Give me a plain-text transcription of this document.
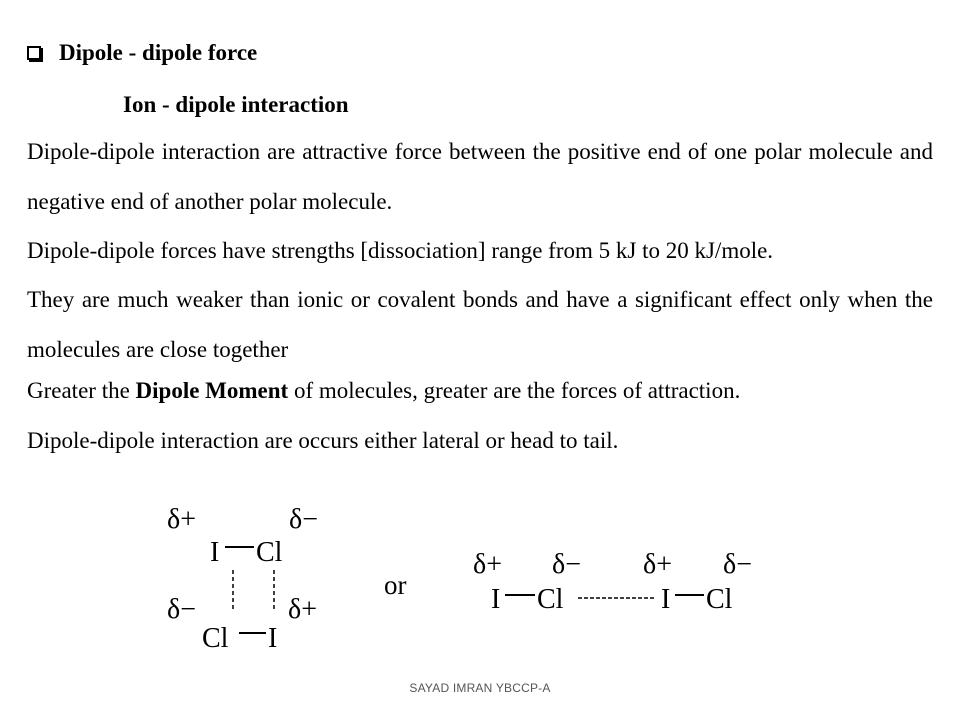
Dipole - dipole force
Ion - dipole interaction
Dipole-dipole interaction are attractive force between the positive end of one polar molecule and negative end of another polar molecule.
Dipole-dipole forces have strengths [dissociation] range from 5 kJ to 20 kJ/mole.
They are much weaker than ionic or covalent bonds and have a significant effect only when the molecules are close together
Greater the Dipole Moment of molecules, greater are the forces of attraction.
Dipole-dipole interaction are occurs either lateral or head to tail.
δ+	δ−
I Cl
δ−	δ+
Cl I
or
δ+ δ− δ+ δ−
I Cl	I Cl
SAYAD IMRAN YBCCP-A
